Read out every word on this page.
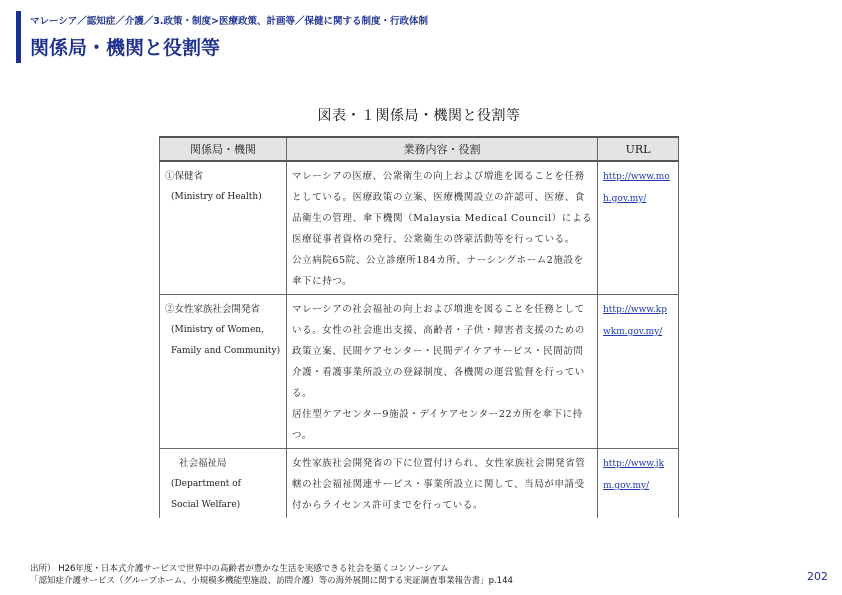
マレーシア／認知症／介護／3.政策・制度>医療政策、計画等／保健に関する制度・行政体制
関係局・機関と役割等
図表・１関係局・機関と役割等
関係局・機関	業務内容・役割	URL

①保健省
(Ministry of Health)	マレーシアの医療、公衆衛生の向上および増進を図ることを任務としている。医療政策の立案、医療機関設立の許認可、医療、食品衛生の管理、傘下機関（Malaysia Medical Council）による医療従事者資格の発行、公衆衛生の啓蒙活動等を行っている。
公立病院65院、公立診療所184カ所、ナーシングホーム2施設を傘下に持つ。	http://www.moh.gov.my/

②女性家族社会開発省
(Ministry of Women,
Family and Community)	マレーシアの社会福祉の向上および増進を図ることを任務としている。女性の社会進出支援、高齢者・子供・障害者支援のための政策立案、民間ケアセンター・民間デイケアサービス・民間訪問介護・看護事業所設立の登録制度、各機関の運営監督を行っている。
居住型ケアセンター9施設・デイケアセンター22カ所を傘下に持つ。	http://www.kpwkm.gov.my/

社会福祉局
(Department of
Social Welfare)	女性家族社会開発省の下に位置付けられ、女性家族社会開発省管轄の社会福祉関連サービス・事業所設立に関して、当局が申請受付からライセンス許可までを行っている。	http://www.jkm.gov.my/
出所） H26年度・日本式介護サービスで世界中の高齢者が豊かな生活を実感できる社会を築くコンソーシアム
「認知症介護サービス（グループホーム、小規模多機能型施設、訪問介護）等の海外展開に関する実証調査事業報告書」p.144	202
